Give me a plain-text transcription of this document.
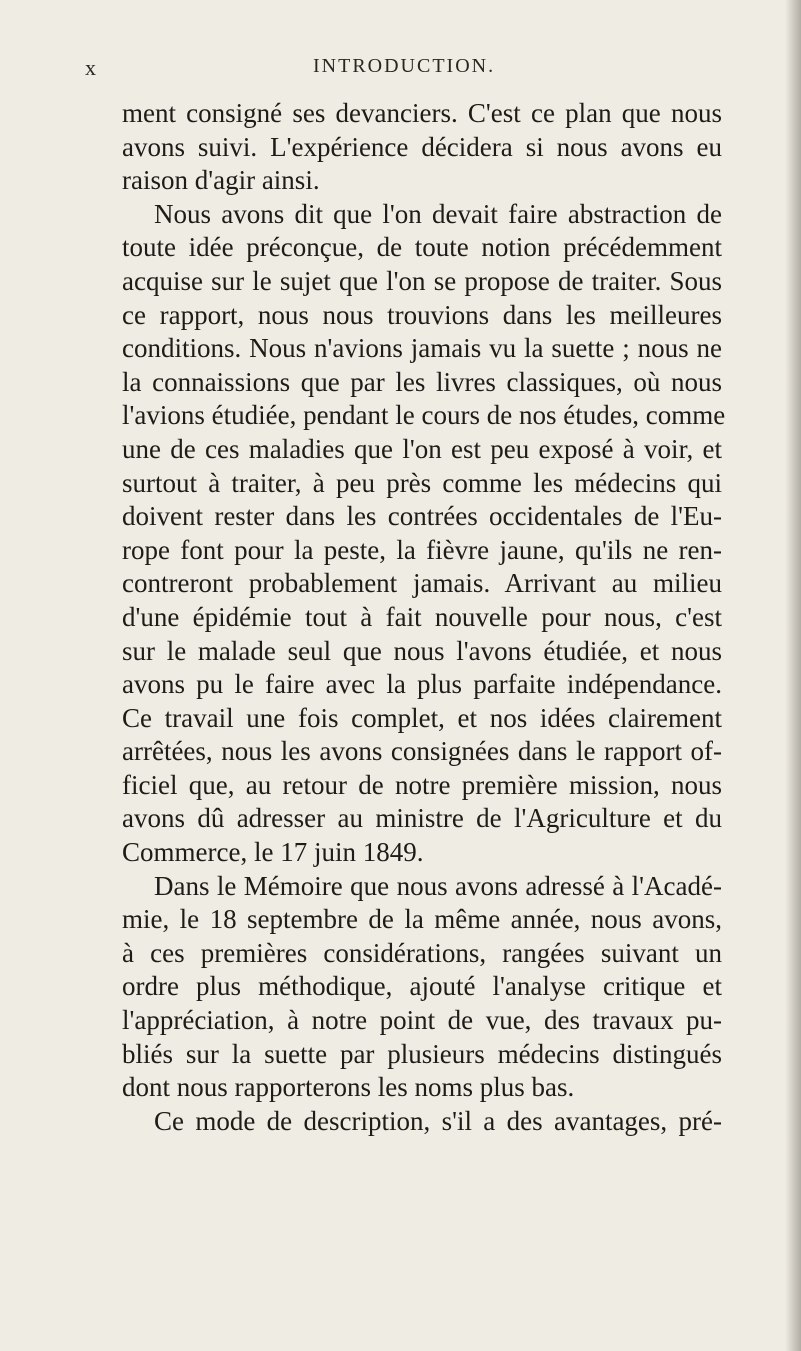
x	INTRODUCTION.
ment consigné ses devanciers. C'est ce plan que nous
avons suivi. L'expérience décidera si nous avons eu
raison d'agir ainsi.
Nous avons dit que l'on devait faire abstraction de
toute idée préconçue, de toute notion précédemment
acquise sur le sujet que l'on se propose de traiter. Sous
ce rapport, nous nous trouvions dans les meilleures
conditions. Nous n'avions jamais vu la suette ; nous ne
la connaissions que par les livres classiques, où nous
l'avions étudiée, pendant le cours de nos études, comme
une de ces maladies que l'on est peu exposé à voir, et
surtout à traiter, à peu près comme les médecins qui
doivent rester dans les contrées occidentales de l'Eu-
rope font pour la peste, la fièvre jaune, qu'ils ne ren-
contreront probablement jamais. Arrivant au milieu
d'une épidémie tout à fait nouvelle pour nous, c'est
sur le malade seul que nous l'avons étudiée, et nous
avons pu le faire avec la plus parfaite indépendance.
Ce travail une fois complet, et nos idées clairement
arrêtées, nous les avons consignées dans le rapport of-
ficiel que, au retour de notre première mission, nous
avons dû adresser au ministre de l'Agriculture et du
Commerce, le 17 juin 1849.
Dans le Mémoire que nous avons adressé à l'Acadé-
mie, le 18 septembre de la même année, nous avons,
à ces premières considérations, rangées suivant un
ordre plus méthodique, ajouté l'analyse critique et
l'appréciation, à notre point de vue, des travaux pu-
bliés sur la suette par plusieurs médecins distingués
dont nous rapporterons les noms plus bas.
Ce mode de description, s'il a des avantages, pré-
